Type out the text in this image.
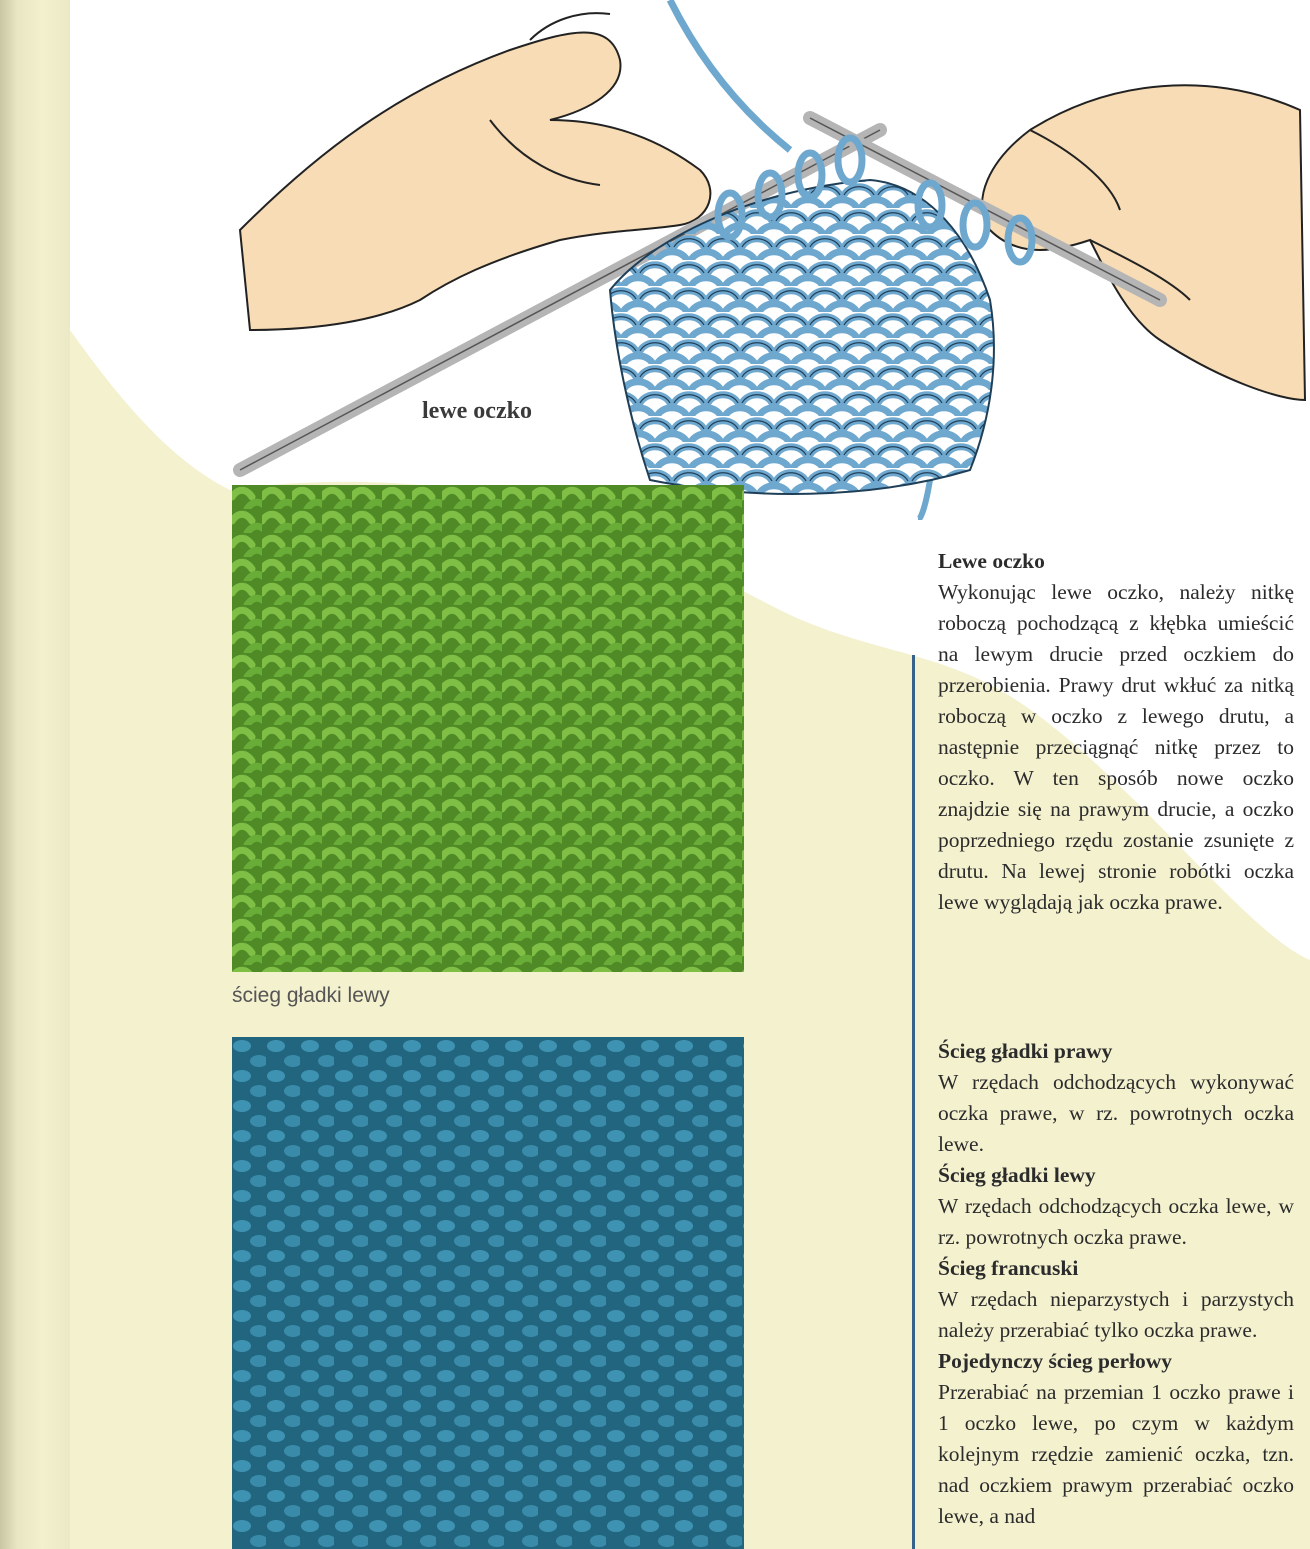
lewe oczko
ścieg gładki lewy
Lewe oczko

Wykonując lewe oczko, należy nitkę roboczą pochodzącą z kłębka umieścić na lewym drucie przed oczkiem do przerobienia. Prawy drut wkłuć za nitką roboczą w oczko z lewego drutu, a następnie przeciągnąć nitkę przez to oczko. W ten sposób nowe oczko znajdzie się na prawym drucie, a oczko poprzedniego rzędu zostanie zsunięte z drutu. Na lewej stronie robótki oczka lewe wyglądają jak oczka prawe.

Ścieg gładki prawy

W rzędach odchodzących wykonywać oczka prawe, w rz. powrotnych oczka lewe.

Ścieg gładki lewy

W rzędach odchodzących oczka lewe, w rz. powrotnych oczka prawe.

Ścieg francuski

W rzędach nieparzystych i parzystych należy przerabiać tylko oczka prawe.

Pojedynczy ścieg perłowy

Przerabiać na przemian 1 oczko prawe i 1 oczko lewe, po czym w każdym kolejnym rzędzie zamienić oczka, tzn. nad oczkiem prawym przerabiać oczko lewe, a nad
